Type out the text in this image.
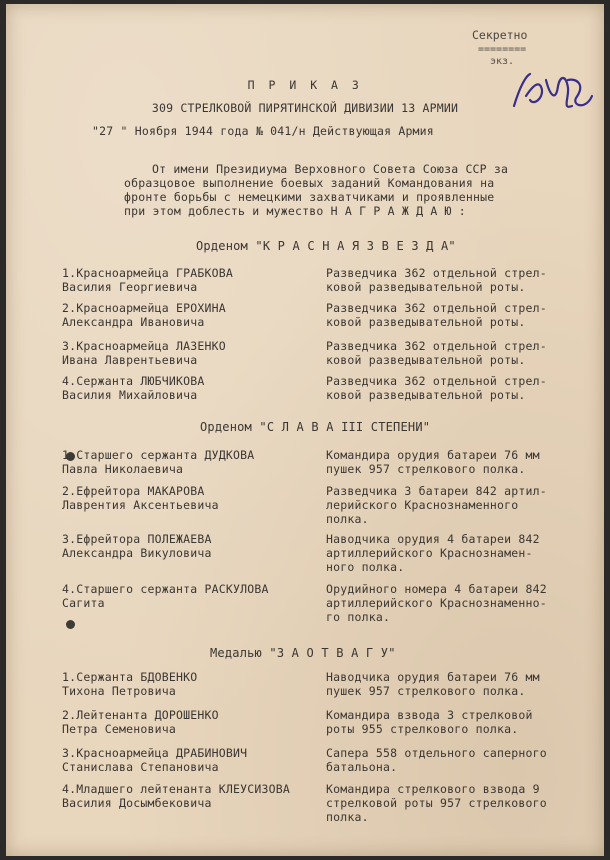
Секретно
========
экз.
П Р И К А З
309 СТРЕЛКОВОЙ ПИРЯТИНСКОЙ ДИВИЗИИ 13 АРМИИ
"27 " Ноября 1944 года № 041/н Действующая Армия
От имени Президиума Верховного Совета Союза ССР за
образцовое выполнение боевых заданий Командования на
фронте борьбы с немецкими захватчиками и проявленные
при этом доблесть и мужество Н А Г Р А Ж Д А Ю :
Орденом "К Р А С Н А Я З В Е З Д А"
1.Красноармейца ГРАБКОВА
Василия Георгиевича
Разведчика 362 отдельной стрел-
ковой разведывательной роты.
2.Красноармейца ЕРОХИНА
Александра Ивановича
Разведчика 362 отдельной стрел-
ковой разведывательной роты.
3.Красноармейца ЛАЗЕНКО
Ивана Лаврентьевича
Разведчика 362 отдельной стрел-
ковой разведывательной роты.
4.Сержанта ЛЮБЧИКОВА
Василия Михайловича
Разведчика 362 отдельной стрел-
ковой разведывательной роты.
Орденом "С Л А В А III СТЕПЕНИ"
1.Старшего сержанта ДУДКОВА
Павла Николаевича
Командира орудия батареи 76 мм
пушек 957 стрелкового полка.
2.Ефрейтора МАКАРОВА
Лаврентия Аксентьевича
Разведчика 3 батареи 842 артил-
лерийского Краснознаменного
полка.
3.Ефрейтора ПОЛЕЖАЕВА
Александра Викуловича
Наводчика орудия 4 батареи 842
артиллерийского Краснознамен-
ного полка.
4.Старшего сержанта РАСКУЛОВА
Сагита
Орудийного номера 4 батареи 842
артиллерийского Краснознаменно-
го полка.
Медалью "З А О Т В А Г У"
1.Сержанта БДОВЕНКО
Тихона Петровича
Наводчика орудия батареи 76 мм
пушек 957 стрелкового полка.
2.Лейтенанта ДОРОШЕНКО
Петра Семеновича
Командира взвода 3 стрелковой
роты 955 стрелкового полка.
3.Красноармейца ДРАБИНОВИЧ
Станислава Степановича
Сапера 558 отдельного саперного
батальона.
4.Младшего лейтенанта КЛЕУСИЗОВА
Василия Досымбековича
Командира стрелкового взвода 9
стрелковой роты 957 стрелкового
полка.
